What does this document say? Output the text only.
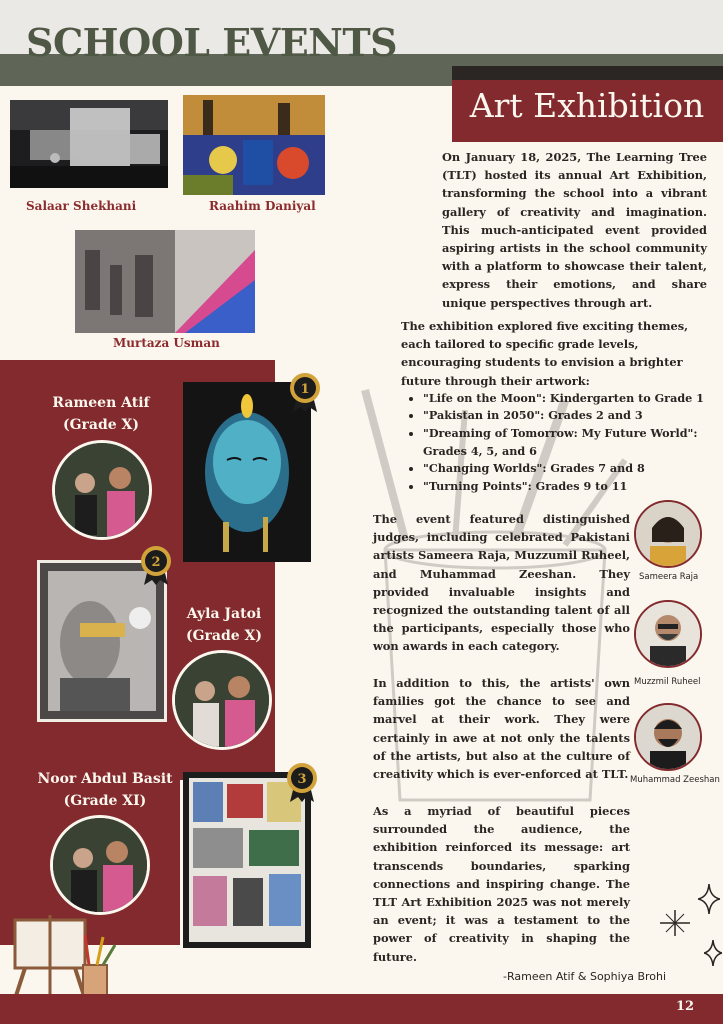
SCHOOL EVENTS
Art Exhibition
Salaar Shekhani	Raahim Daniyal
Murtaza Usman
Rameen Atif
(Grade X)
1
2
Ayla Jatoi
(Grade X)
Noor Abdul Basit
(Grade XI)
3
On January 18, 2025, The Learning Tree (TLT) hosted its annual Art Exhibition, transforming the school into a vibrant gallery of creativity and imagination. This much-anticipated event provided aspiring artists in the school community with a platform to showcase their talent, express their emotions, and share unique perspectives through art.
The exhibition explored five exciting themes, each tailored to specific grade levels, encouraging students to envision a brighter future through their artwork:
• "Life on the Moon": Kindergarten to Grade 1
• "Pakistan in 2050": Grades 2 and 3
• "Dreaming of Tomorrow: My Future World": Grades 4, 5, and 6
• "Changing Worlds": Grades 7 and 8
• "Turning Points": Grades 9 to 11
The event featured distinguished judges, including celebrated Pakistani artists Sameera Raja, Muzzumil Ruheel, and Muhammad Zeeshan. They provided invaluable insights and recognized the outstanding talent of all the participants, especially those who won awards in each category.
Sameera Raja
Muzzmil Ruheel
Muhammad Zeeshan
In addition to this, the artists' own families got the chance to see and marvel at their work. They were certainly in awe at not only the talents of the artists, but also at the culture of creativity which is ever-enforced at TLT.
As a myriad of beautiful pieces surrounded the audience, the exhibition reinforced its message: art transcends boundaries, sparking connections and inspiring change. The TLT Art Exhibition 2025 was not merely an event; it was a testament to the power of creativity in shaping the future.
-Rameen Atif & Sophiya Brohi
12
